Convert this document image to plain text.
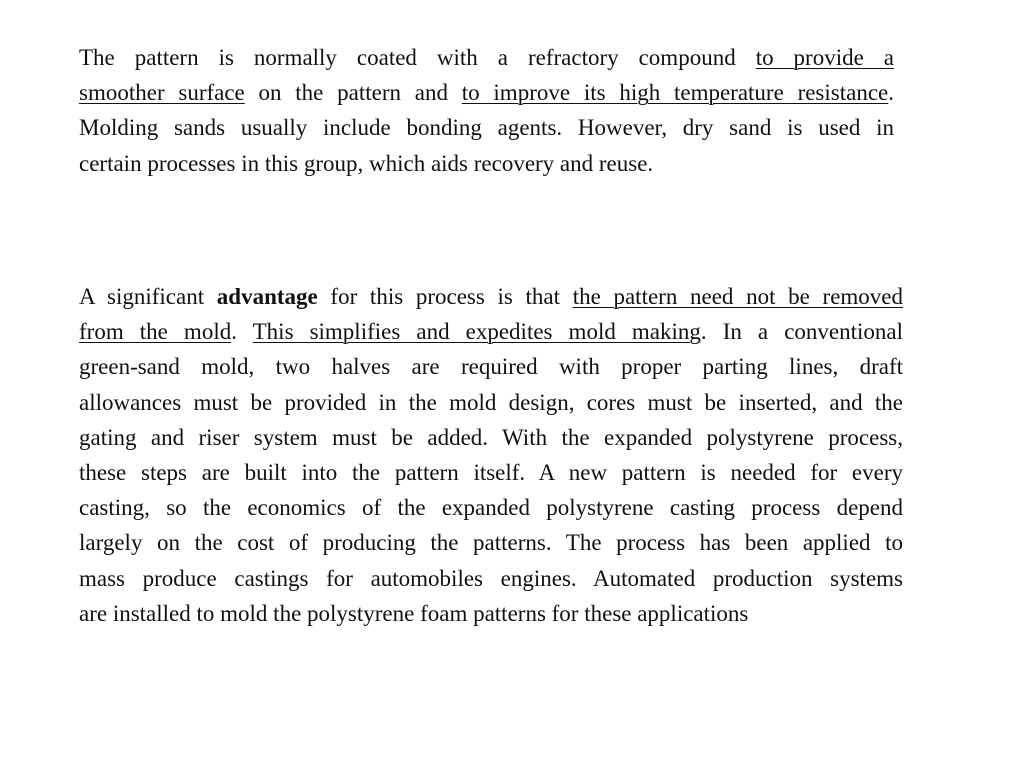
The pattern is normally coated with a refractory compound to provide a
smoother surface on the pattern and to improve its high temperature resistance.
Molding sands usually include bonding agents. However, dry sand is used in
certain processes in this group, which aids recovery and reuse.
A significant advantage for this process is that the pattern need not be removed
from the mold. This simplifies and expedites mold making. In a conventional
green-sand mold, two halves are required with proper parting lines, draft
allowances must be provided in the mold design, cores must be inserted, and the
gating and riser system must be added. With the expanded polystyrene process,
these steps are built into the pattern itself. A new pattern is needed for every
casting, so the economics of the expanded polystyrene casting process depend
largely on the cost of producing the patterns. The process has been applied to
mass produce castings for automobiles engines. Automated production systems
are installed to mold the polystyrene foam patterns for these applications
